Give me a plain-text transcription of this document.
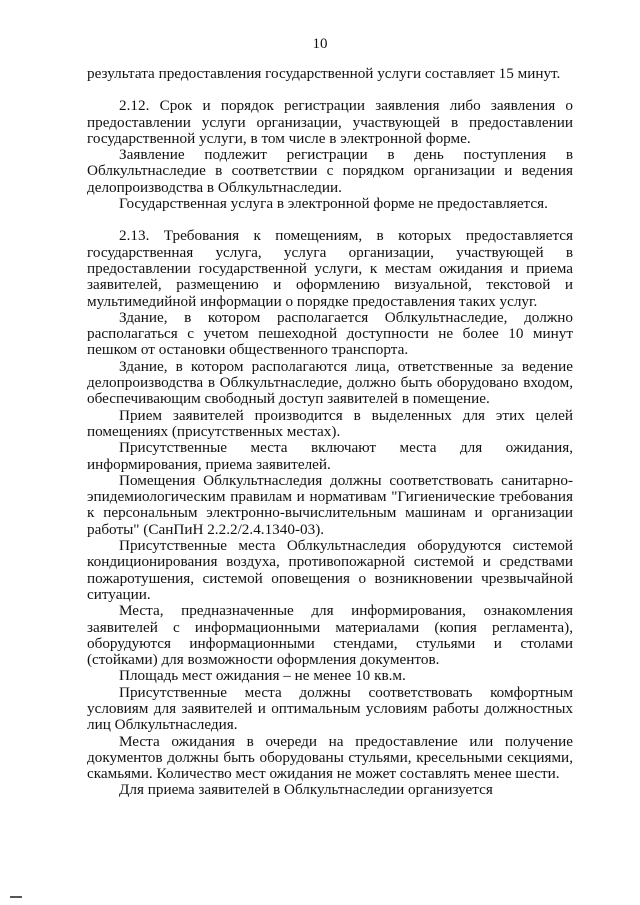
10

результата предоставления государственной услуги составляет 15 минут.

2.12. Срок и порядок регистрации заявления либо заявления о предоставлении услуги организации, участвующей в предоставлении государственной услуги, в том числе в электронной форме.

Заявление подлежит регистрации в день поступления в Облкультнаследие в соответствии с порядком организации и ведения делопроизводства в Облкультнаследии.

Государственная услуга в электронной форме не предоставляется.

2.13. Требования к помещениям, в которых предоставляется государственная услуга, услуга организации, участвующей в предоставлении государственной услуги, к местам ожидания и приема заявителей, размещению и оформлению визуальной, текстовой и мультимедийной информации о порядке предоставления таких услуг.

Здание, в котором располагается Облкультнаследие, должно располагаться с учетом пешеходной доступности не более 10 минут пешком от остановки общественного транспорта.

Здание, в котором располагаются лица, ответственные за ведение делопроизводства в Облкультнаследие, должно быть оборудовано входом, обеспечивающим свободный доступ заявителей в помещение.

Прием заявителей производится в выделенных для этих целей помещениях (присутственных местах).

Присутственные места включают места для ожидания, информирования, приема заявителей.

Помещения Облкультнаследия должны соответствовать санитарно-эпидемиологическим правилам и нормативам "Гигиенические требования к персональным электронно-вычислительным машинам и организации работы" (СанПиН 2.2.2/2.4.1340-03).

Присутственные места Облкультнаследия оборудуются системой кондиционирования воздуха, противопожарной системой и средствами пожаротушения, системой оповещения о возникновении чрезвычайной ситуации.

Места, предназначенные для информирования, ознакомления заявителей с информационными материалами (копия регламента), оборудуются информационными стендами, стульями и столами (стойками) для возможности оформления документов.

Площадь мест ожидания – не менее 10 кв.м.

Присутственные места должны соответствовать комфортным условиям для заявителей и оптимальным условиям работы должностных лиц Облкультнаследия.

Места ожидания в очереди на предоставление или получение документов должны быть оборудованы стульями, кресельными секциями, скамьями. Количество мест ожидания не может составлять менее шести.

Для приема заявителей в Облкультнаследии организуется
